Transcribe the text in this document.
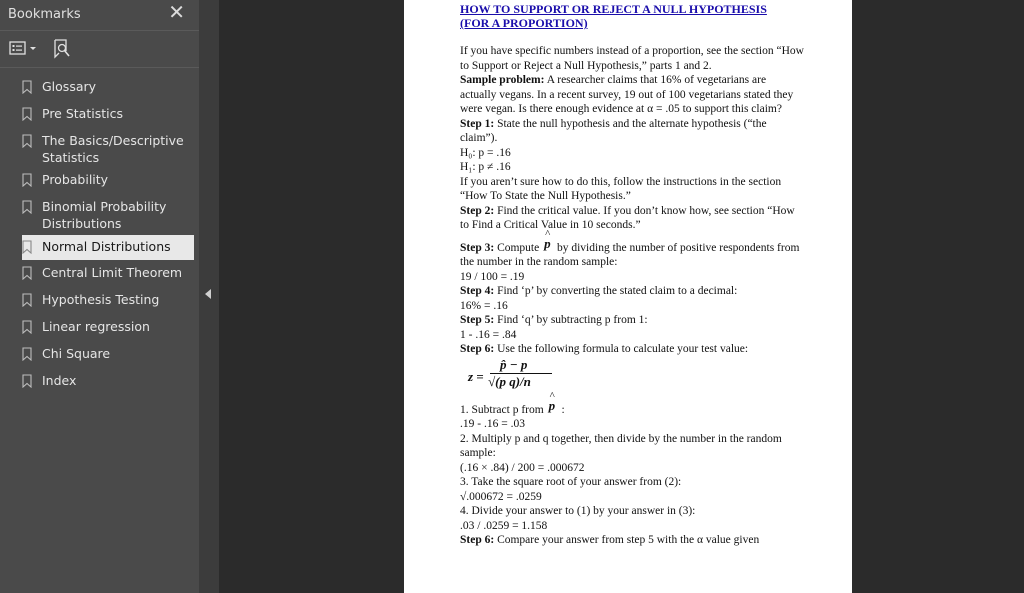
Bookmarks	✕
Glossary
Pre Statistics
The Basics/Descriptive Statistics
Probability
Binomial Probability Distributions
Normal Distributions
Central Limit Theorem
Hypothesis Testing
Linear regression
Chi Square
Index
HOW TO SUPPORT OR REJECT A NULL HYPOTHESIS
(FOR A PROPORTION)
If you have specific numbers instead of a proportion, see the section “How to Support or Reject a Null Hypothesis,” parts 1 and 2.
Sample problem: A researcher claims that 16% of vegetarians are actually vegans. In a recent survey, 19 out of 100 vegetarians stated they were vegan. Is there enough evidence at α = .05 to support this claim?
Step 1: State the null hypothesis and the alternate hypothesis (“the claim”).
H₀: p = .16
H₁: p ≠ .16
If you aren’t sure how to do this, follow the instructions in the section “How To State the Null Hypothesis.”
Step 2: Find the critical value. If you don’t know how, see section “How to Find a Critical Value in 10 seconds.”
Step 3: Compute p ^ by dividing the number of positive respondents from the number in the random sample:
19 / 100 = .19
Step 4: Find ‘p’ by converting the stated claim to a decimal:
16% = .16
Step 5: Find ‘q’ by subtracting p from 1:
1 - .16 = .84
Step 6: Use the following formula to calculate your test value:
z =
p̂ − p
√(p q)/n
1. Subtract p from p ^ :
.19 - .16 = .03
2. Multiply p and q together, then divide by the number in the random sample:
(.16 × .84) / 200 = .000672
3. Take the square root of your answer from (2):
√.000672 = .0259
4. Divide your answer to (1) by your answer in (3):
.03 / .0259 = 1.158
Step 6: Compare your answer from step 5 with the α value given
